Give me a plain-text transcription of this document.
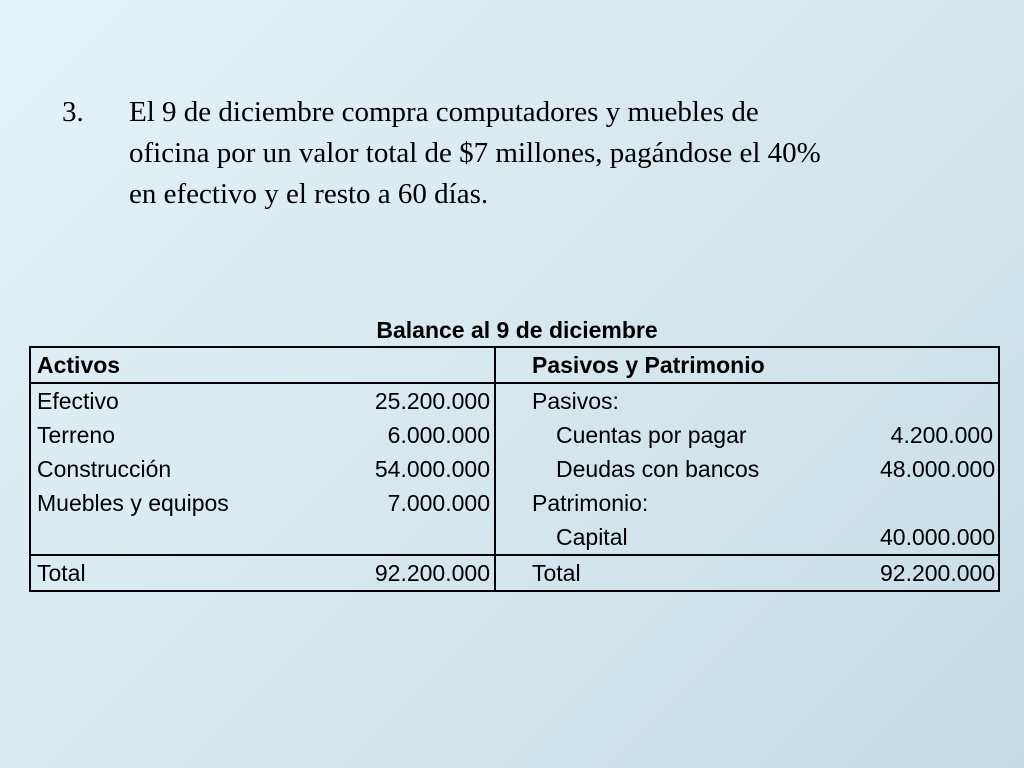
3. El 9 de diciembre compra computadores y muebles de
oficina por un valor total de $7 millones, pagándose el 40%
en efectivo y el resto a 60 días.
Balance al 9 de diciembre
Activos		Pasivos y Patrimonio	
Efectivo	25.200.000	Pasivos:	
Terreno	6.000.000	Cuentas por pagar	4.200.000
Construcción	54.000.000	Deudas con bancos	48.000.000
Muebles y equipos	7.000.000	Patrimonio:	
		Capital	40.000.000
Total	92.200.000	Total	92.200.000
